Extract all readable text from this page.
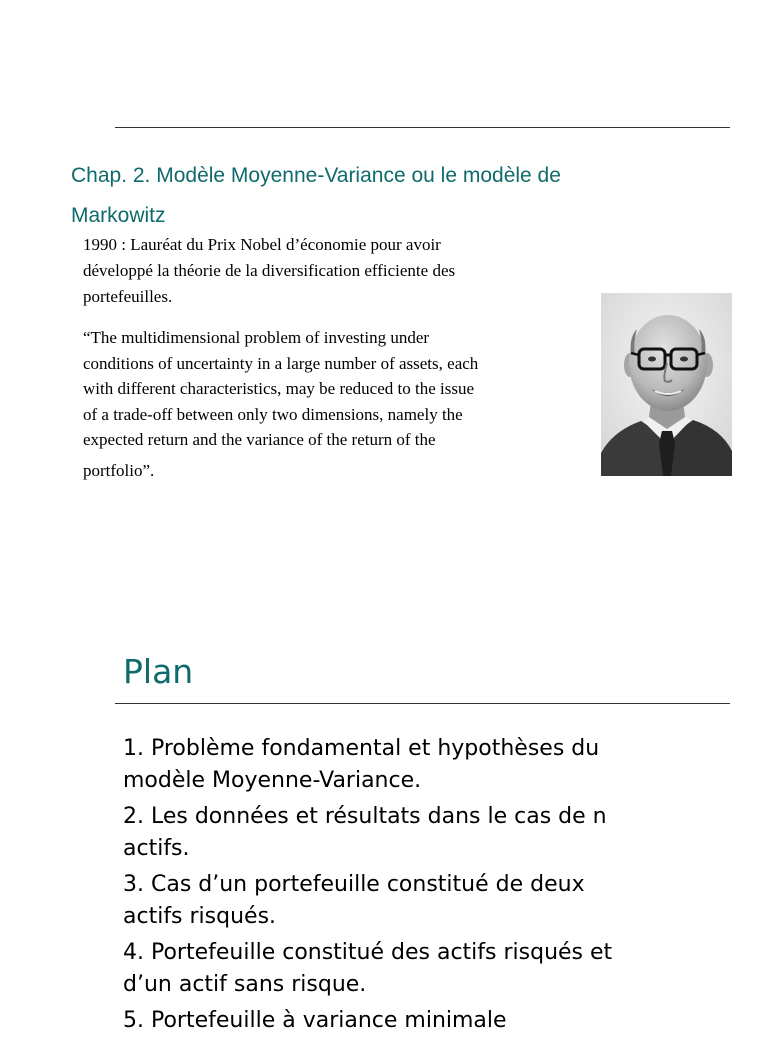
Chap. 2. Modèle Moyenne-Variance ou le modèle de
Markowitz

1990 : Lauréat du Prix Nobel d’économie pour avoir
développé la théorie de la diversification efficiente des
portefeuilles.

“The multidimensional problem of investing under
conditions of uncertainty in a large number of assets, each
with different characteristics, may be reduced to the issue
of a trade-off between only two dimensions, namely the
expected return and the variance of the return of the
portfolio”.

Plan
1. Problème fondamental et hypothèses du
modèle Moyenne-Variance.
2. Les données et résultats dans le cas de n
actifs.
3. Cas d’un portefeuille constitué de deux
actifs risqués.
4. Portefeuille constitué des actifs risqués et
d’un actif sans risque.
5. Portefeuille à variance minimale
